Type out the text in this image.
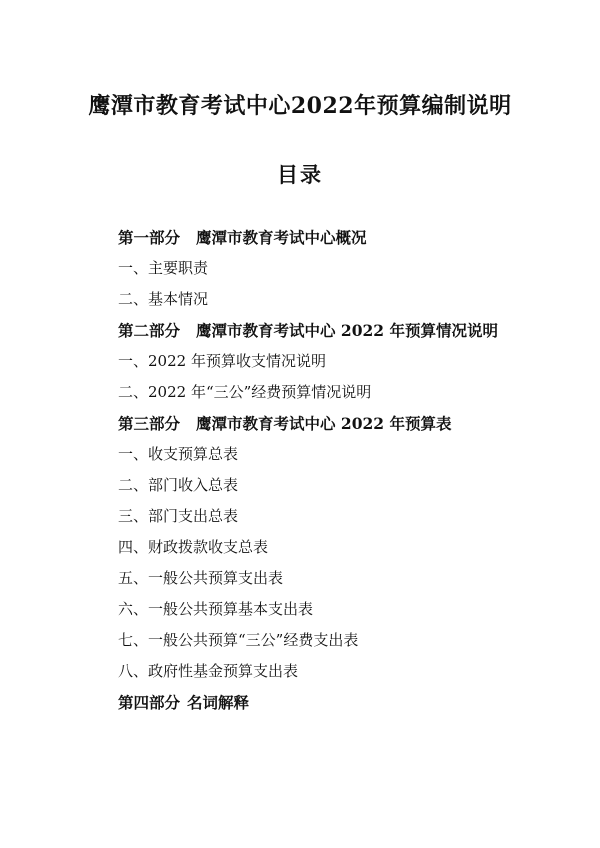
鹰潭市教育考试中心2022年预算编制说明
目录
第一部分 鹰潭市教育考试中心概况
一、主要职责
二、基本情况
第二部分 鹰潭市教育考试中心 2022 年预算情况说明
一、2022 年预算收支情况说明
二、2022 年“三公”经费预算情况说明
第三部分 鹰潭市教育考试中心 2022 年预算表
一、收支预算总表
二、部门收入总表
三、部门支出总表
四、财政拨款收支总表
五、一般公共预算支出表
六、一般公共预算基本支出表
七、一般公共预算“三公”经费支出表
八、政府性基金预算支出表
第四部分 名词解释
